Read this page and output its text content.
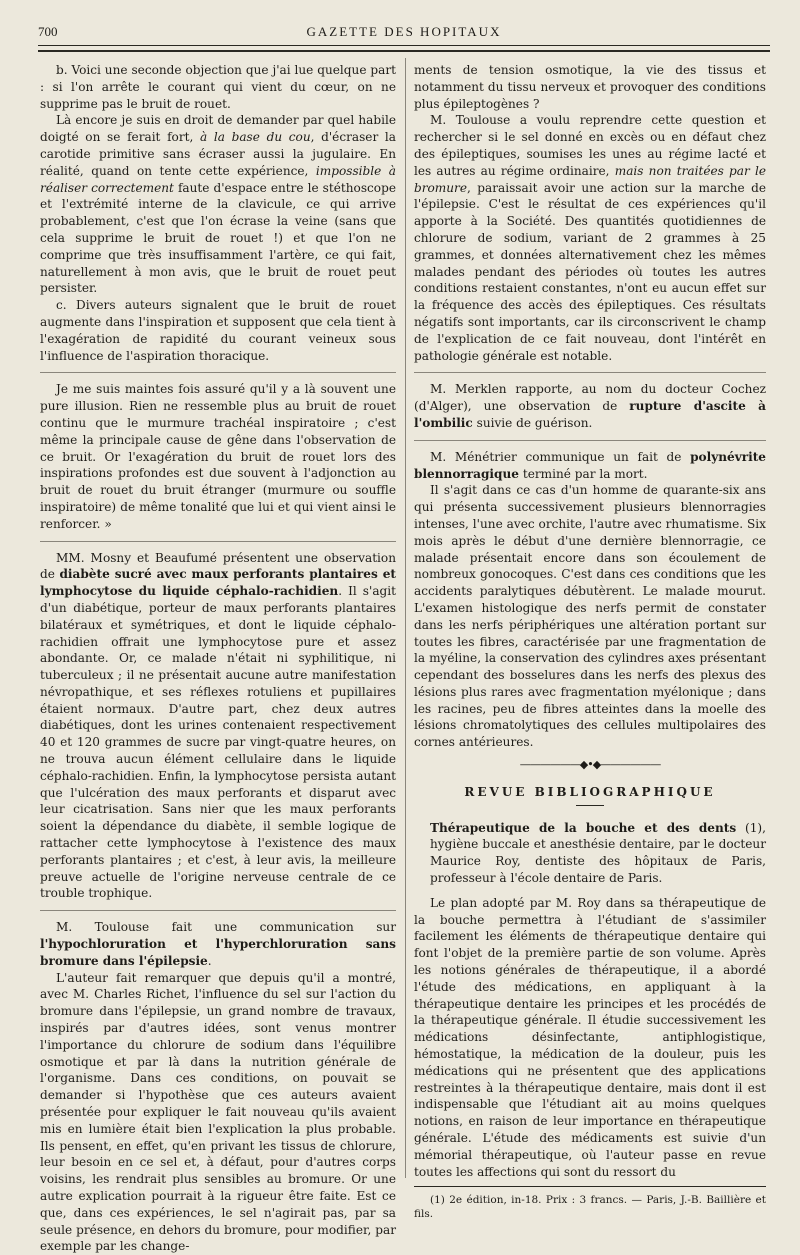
700	GAZETTE DES HOPITAUX

b. Voici une seconde objection que j'ai lue quelque part : si l'on arrête le courant qui vient du cœur, on ne supprime pas le bruit de rouet.

Là encore je suis en droit de demander par quel habile doigté on se ferait fort, à la base du cou, d'écraser la carotide primitive sans écraser aussi la jugulaire. En réalité, quand on tente cette expérience, impossible à réaliser correctement faute d'espace entre le stéthoscope et l'extrémité interne de la clavicule, ce qui arrive probablement, c'est que l'on écrase la veine (sans que cela supprime le bruit de rouet !) et que l'on ne comprime que très insuffisamment l'artère, ce qui fait, naturellement à mon avis, que le bruit de rouet peut persister.

c. Divers auteurs signalent que le bruit de rouet augmente dans l'inspiration et supposent que cela tient à l'exagération de rapidité du courant veineux sous l'influence de l'aspiration thoracique.

Je me suis maintes fois assuré qu'il y a là souvent une pure illusion. Rien ne ressemble plus au bruit de rouet continu que le murmure trachéal inspiratoire ; c'est même la principale cause de gêne dans l'observation de ce bruit. Or l'exagération du bruit de rouet lors des inspirations profondes est due souvent à l'adjonction au bruit de rouet du bruit étranger (murmure ou souffle inspiratoire) de même tonalité que lui et qui vient ainsi le renforcer. »

MM. Mosny et Beaufumé présentent une observation de diabète sucré avec maux perforants plantaires et lymphocytose du liquide céphalo-rachidien. Il s'agit d'un diabétique, porteur de maux perforants plantaires bilatéraux et symétriques, et dont le liquide céphalo-rachidien offrait une lymphocytose pure et assez abondante. Or, ce malade n'était ni syphilitique, ni tuberculeux ; il ne présentait aucune autre manifestation névropathique, et ses réflexes rotuliens et pupillaires étaient normaux. D'autre part, chez deux autres diabétiques, dont les urines contenaient respectivement 40 et 120 grammes de sucre par vingt-quatre heures, on ne trouva aucun élément cellulaire dans le liquide céphalo-rachidien. Enfin, la lymphocytose persista autant que l'ulcération des maux perforants et disparut avec leur cicatrisation. Sans nier que les maux perforants soient la dépendance du diabète, il semble logique de rattacher cette lymphocytose à l'existence des maux perforants plantaires ; et c'est, à leur avis, la meilleure preuve actuelle de l'origine nerveuse centrale de ce trouble trophique.

M. Toulouse fait une communication sur l'hypochloruration et l'hyperchloruration sans bromure dans l'épilepsie.

L'auteur fait remarquer que depuis qu'il a montré, avec M. Charles Richet, l'influence du sel sur l'action du bromure dans l'épilepsie, un grand nombre de travaux, inspirés par d'autres idées, sont venus montrer l'importance du chlorure de sodium dans l'équilibre osmotique et par là dans la nutrition générale de l'organisme. Dans ces conditions, on pouvait se demander si l'hypothèse que ces auteurs avaient présentée pour expliquer le fait nouveau qu'ils avaient mis en lumière était bien l'explication la plus probable. Ils pensent, en effet, qu'en privant les tissus de chlorure, leur besoin en ce sel et, à défaut, pour d'autres corps voisins, les rendrait plus sensibles au bromure. Or une autre explication pourrait à la rigueur être faite. Est ce que, dans ces expériences, le sel n'agirait pas, par sa seule présence, en dehors du bromure, pour modifier, par exemple par les change-

ments de tension osmotique, la vie des tissus et notamment du tissu nerveux et provoquer des conditions plus épileptogènes ?

M. Toulouse a voulu reprendre cette question et rechercher si le sel donné en excès ou en défaut chez des épileptiques, soumises les unes au régime lacté et les autres au régime ordinaire, mais non traitées par le bromure, paraissait avoir une action sur la marche de l'épilepsie. C'est le résultat de ces expériences qu'il apporte à la Société. Des quantités quotidiennes de chlorure de sodium, variant de 2 grammes à 25 grammes, et données alternativement chez les mêmes malades pendant des périodes où toutes les autres conditions restaient constantes, n'ont eu aucun effet sur la fréquence des accès des épileptiques. Ces résultats négatifs sont importants, car ils circonscrivent le champ de l'explication de ce fait nouveau, dont l'intérêt en pathologie générale est notable.

M. Merklen rapporte, au nom du docteur Cochez (d'Alger), une observation de rupture d'ascite à l'ombilic suivie de guérison.

M. Ménétrier communique un fait de polynévrite blennorragique terminé par la mort.

Il s'agit dans ce cas d'un homme de quarante-six ans qui présenta successivement plusieurs blennorragies intenses, l'une avec orchite, l'autre avec rhumatisme. Six mois après le début d'une dernière blennorragie, ce malade présentait encore dans son écoulement de nombreux gonocoques. C'est dans ces conditions que les accidents paralytiques débutèrent. Le malade mourut. L'examen histologique des nerfs permit de constater dans les nerfs périphériques une altération portant sur toutes les fibres, caractérisée par une fragmentation de la myéline, la conservation des cylindres axes présentant cependant des bosselures dans les nerfs des plexus des lésions plus rares avec fragmentation myélonique ; dans les racines, peu de fibres atteintes dans la moelle des lésions chromatolytiques des cellules multipolaires des cornes antérieures.

——————◆•◆——————
REVUE BIBLIOGRAPHIQUE

Thérapeutique de la bouche et des dents (1), hygiène buccale et anesthésie dentaire, par le docteur Maurice Roy, dentiste des hôpitaux de Paris, professeur à l'école dentaire de Paris.

Le plan adopté par M. Roy dans sa thérapeutique de la bouche permettra à l'étudiant de s'assimiler facilement les éléments de thérapeutique dentaire qui font l'objet de la première partie de son volume. Après les notions générales de thérapeutique, il a abordé l'étude des médications, en appliquant à la thérapeutique dentaire les principes et les procédés de la thérapeutique générale. Il étudie successivement les médications désinfectante, antiphlogistique, hémostatique, la médication de la douleur, puis les médications qui ne présentent que des applications restreintes à la thérapeutique dentaire, mais dont il est indispensable que l'étudiant ait au moins quelques notions, en raison de leur importance en thérapeutique générale. L'étude des médicaments est suivie d'un mémorial thérapeutique, où l'auteur passe en revue toutes les affections qui sont du ressort du

(1) 2e édition, in-18. Prix : 3 francs. — Paris, J.-B. Baillière et fils.
